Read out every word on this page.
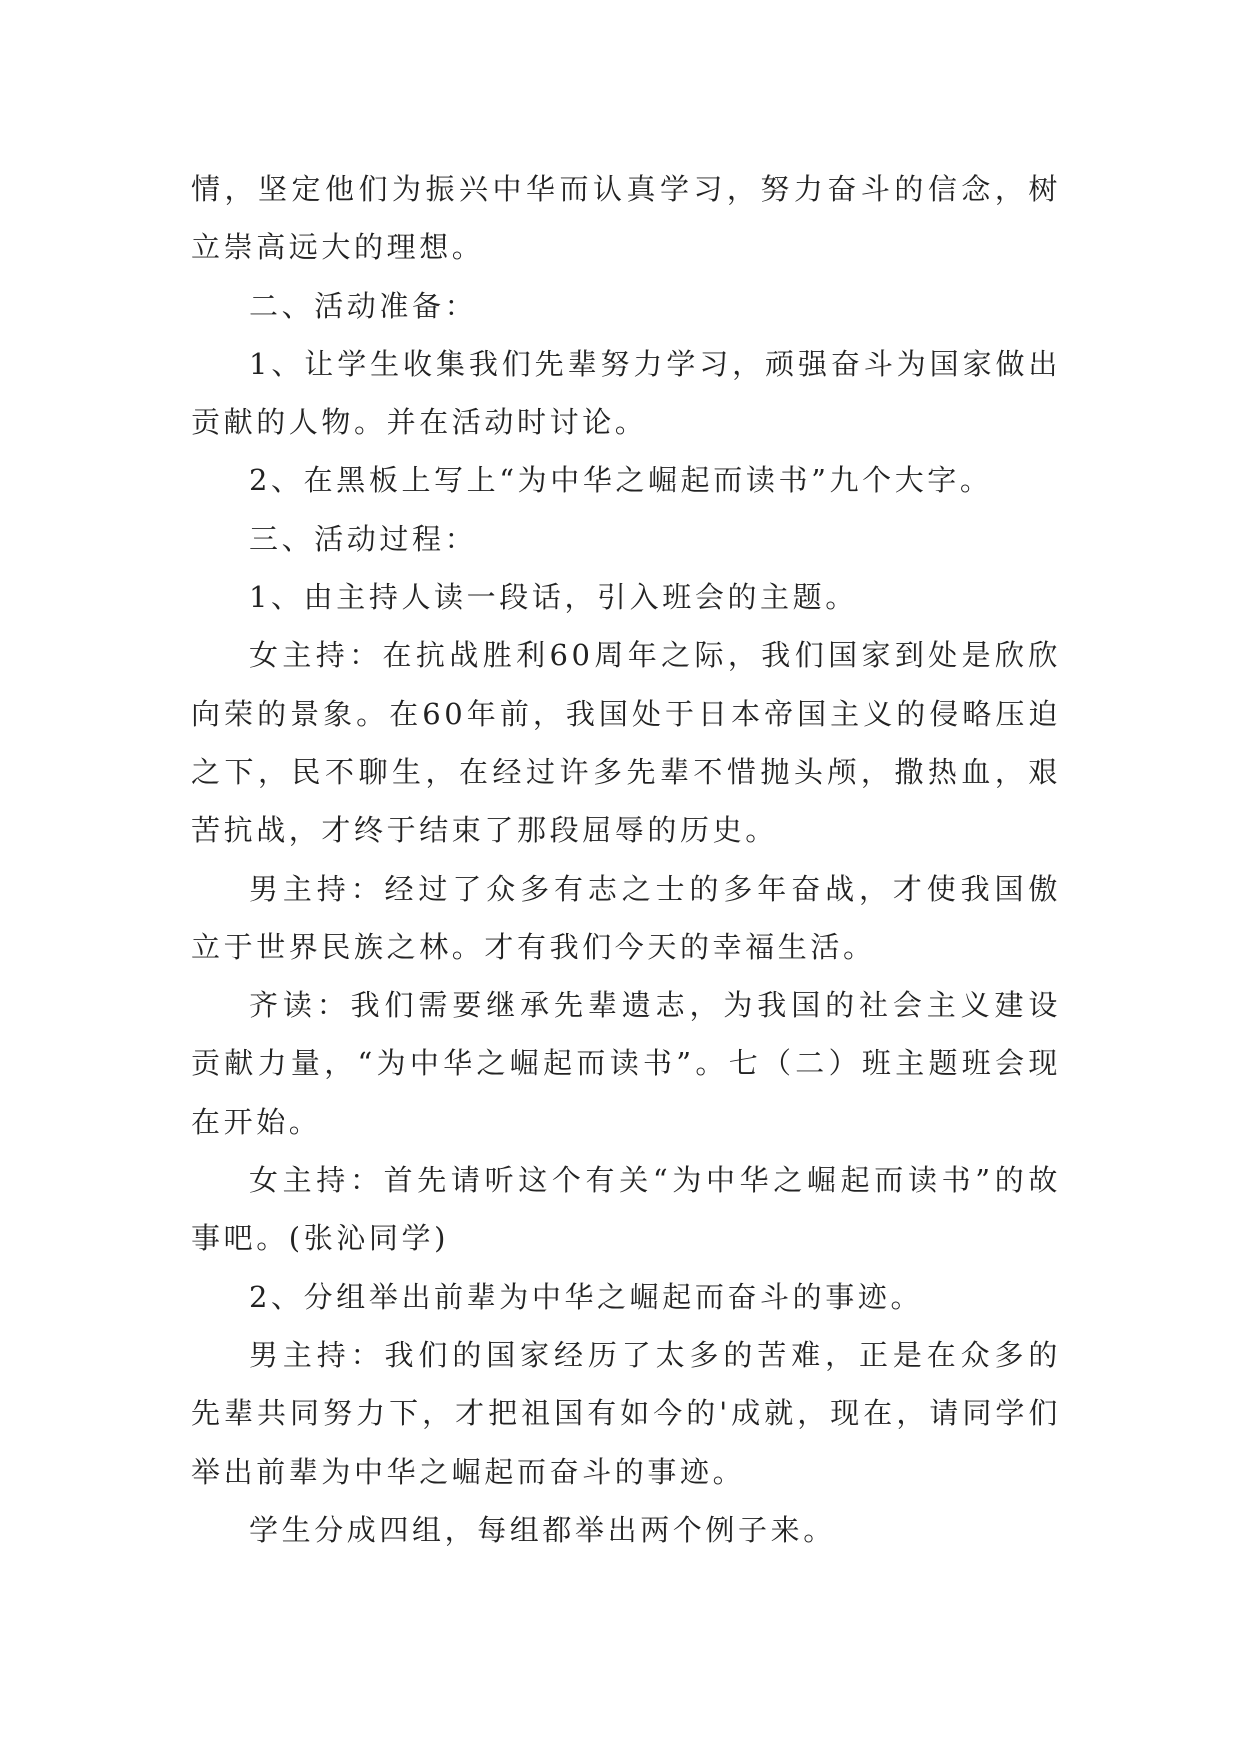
情，坚定他们为振兴中华而认真学习，努力奋斗的信念，树立崇高远大的理想。

二、活动准备：

1、让学生收集我们先辈努力学习，顽强奋斗为国家做出贡献的人物。并在活动时讨论。

2、在黑板上写上“为中华之崛起而读书”九个大字。

三、活动过程：

1、由主持人读一段话，引入班会的主题。

女主持：在抗战胜利60周年之际，我们国家到处是欣欣向荣的景象。在60年前，我国处于日本帝国主义的侵略压迫之下，民不聊生，在经过许多先辈不惜抛头颅，撒热血，艰苦抗战，才终于结束了那段屈辱的历史。

男主持：经过了众多有志之士的多年奋战，才使我国傲立于世界民族之林。才有我们今天的幸福生活。

齐读：我们需要继承先辈遗志，为我国的社会主义建设贡献力量，“为中华之崛起而读书”。七（二）班主题班会现在开始。

女主持：首先请听这个有关“为中华之崛起而读书”的故事吧。(张沁同学)

2、分组举出前辈为中华之崛起而奋斗的事迹。

男主持：我们的国家经历了太多的苦难，正是在众多的先辈共同努力下，才把祖国有如今的'成就，现在，请同学们举出前辈为中华之崛起而奋斗的事迹。

学生分成四组，每组都举出两个例子来。
